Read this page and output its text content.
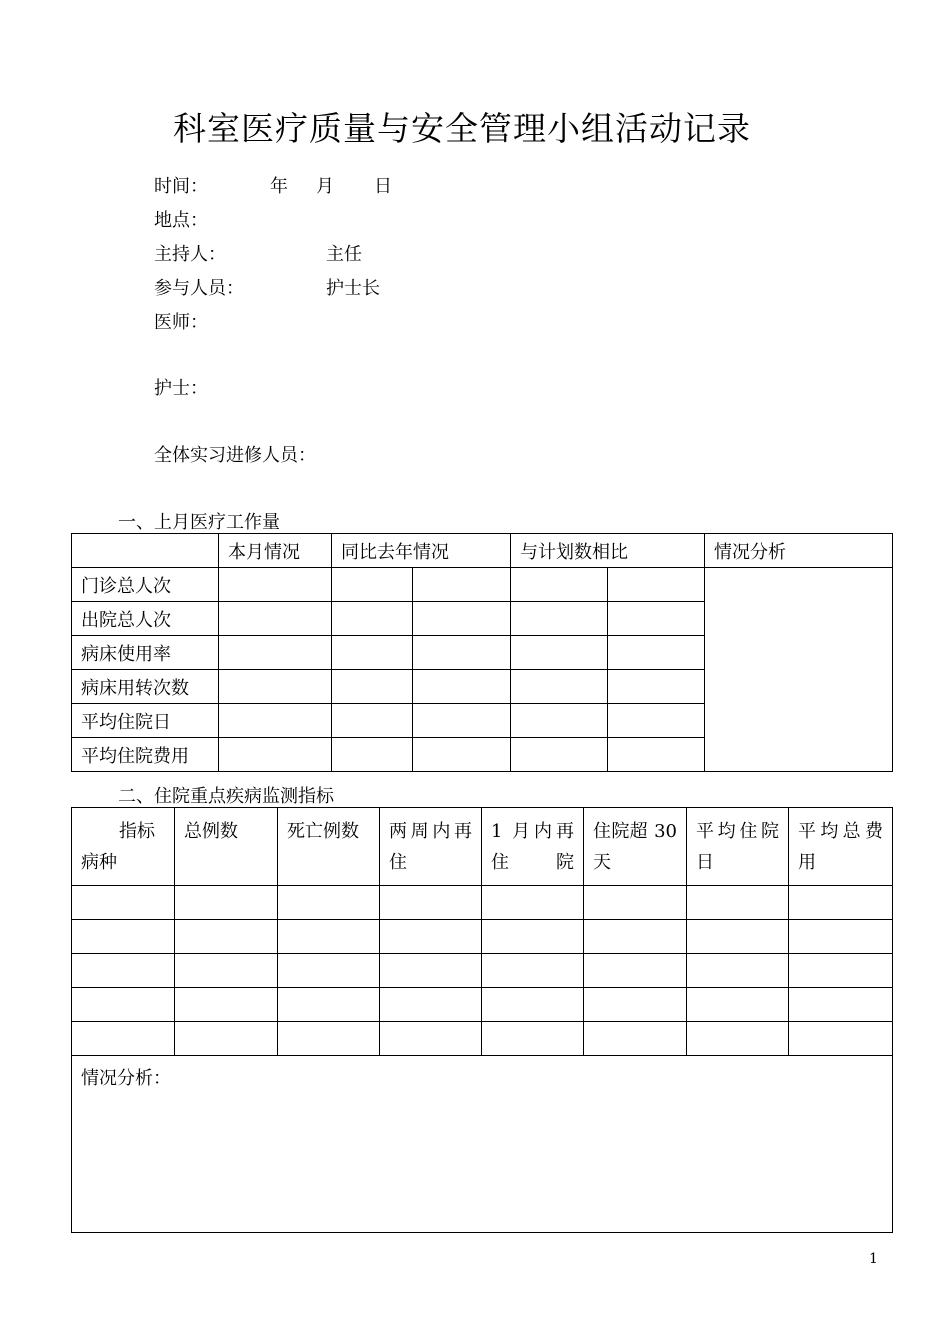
科室医疗质量与安全管理小组活动记录
时间：	年 月 日
地点：
主持人：	主任
参与人员：	护士长
医师：
护士：
全体实习进修人员：
一、上月医疗工作量
	本月情况	同比去年情况		与计划数相比		情况分析
门诊总人次						
出院总人次						
病床使用率						
病床用转次数						
平均住院日						
平均住院费用						
二、住院重点疾病监测指标
指标
病种	总例数	死亡例数	两周内再住	1 月内再住院	住院超 30 天	平均住院日	平均总费用

情况分析：							
1
